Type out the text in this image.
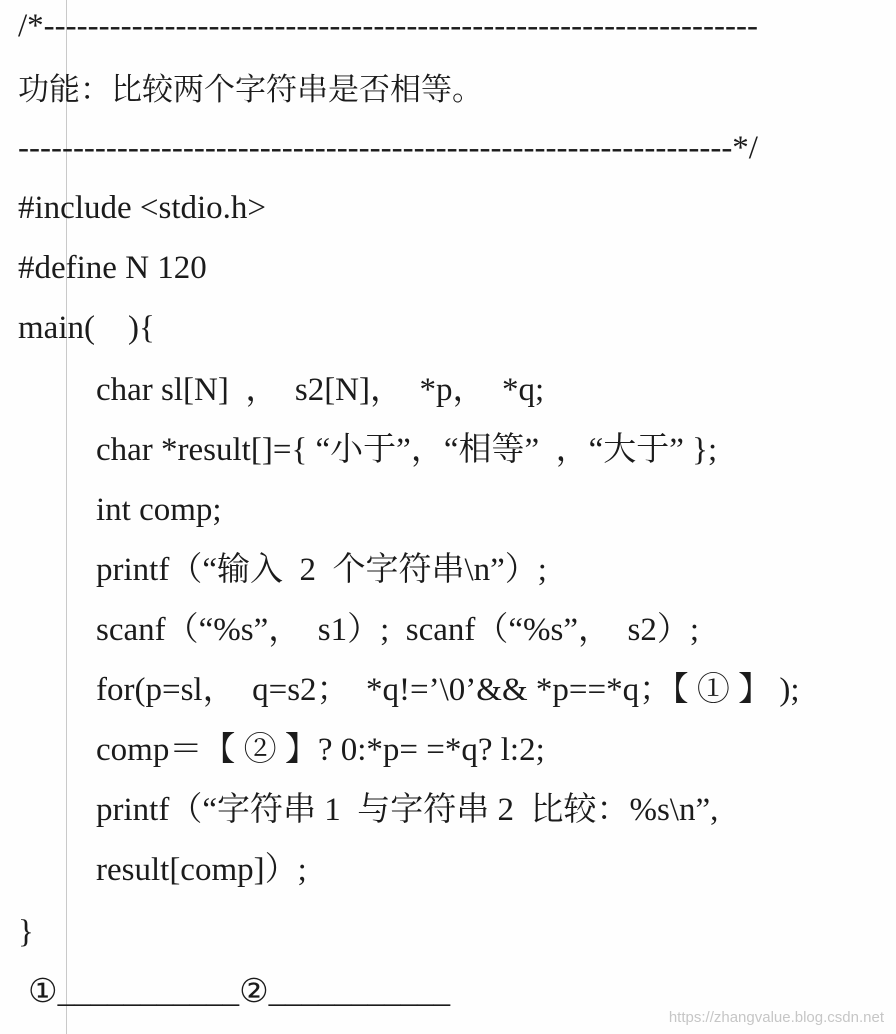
/*-----------------------------------------------------------------
功能：比较两个字符串是否相等。
-----------------------------------------------------------------*/
#include <stdio.h>
#define N 120
main(    ){
char sl[N]  ，  s2[N]，  *p，  *q;
char *result[]={ “小于”，“相等”  ，“大于” };
int comp;
printf（“输入  2  个字符串\n”）;
scanf（“%s”，  s1）;  scanf（“%s”，  s2）;
for(p=sl，  q=s2；  *q!=’\0’&& *p==*q；【 ① 】 );
comp＝【 ② 】? 0:*p= =*q? l:2;
printf（“字符串 1  与字符串 2  比较：%s\n”,
result[comp]）;
}
①___________②___________
https://zhangvalue.blog.csdn.net
